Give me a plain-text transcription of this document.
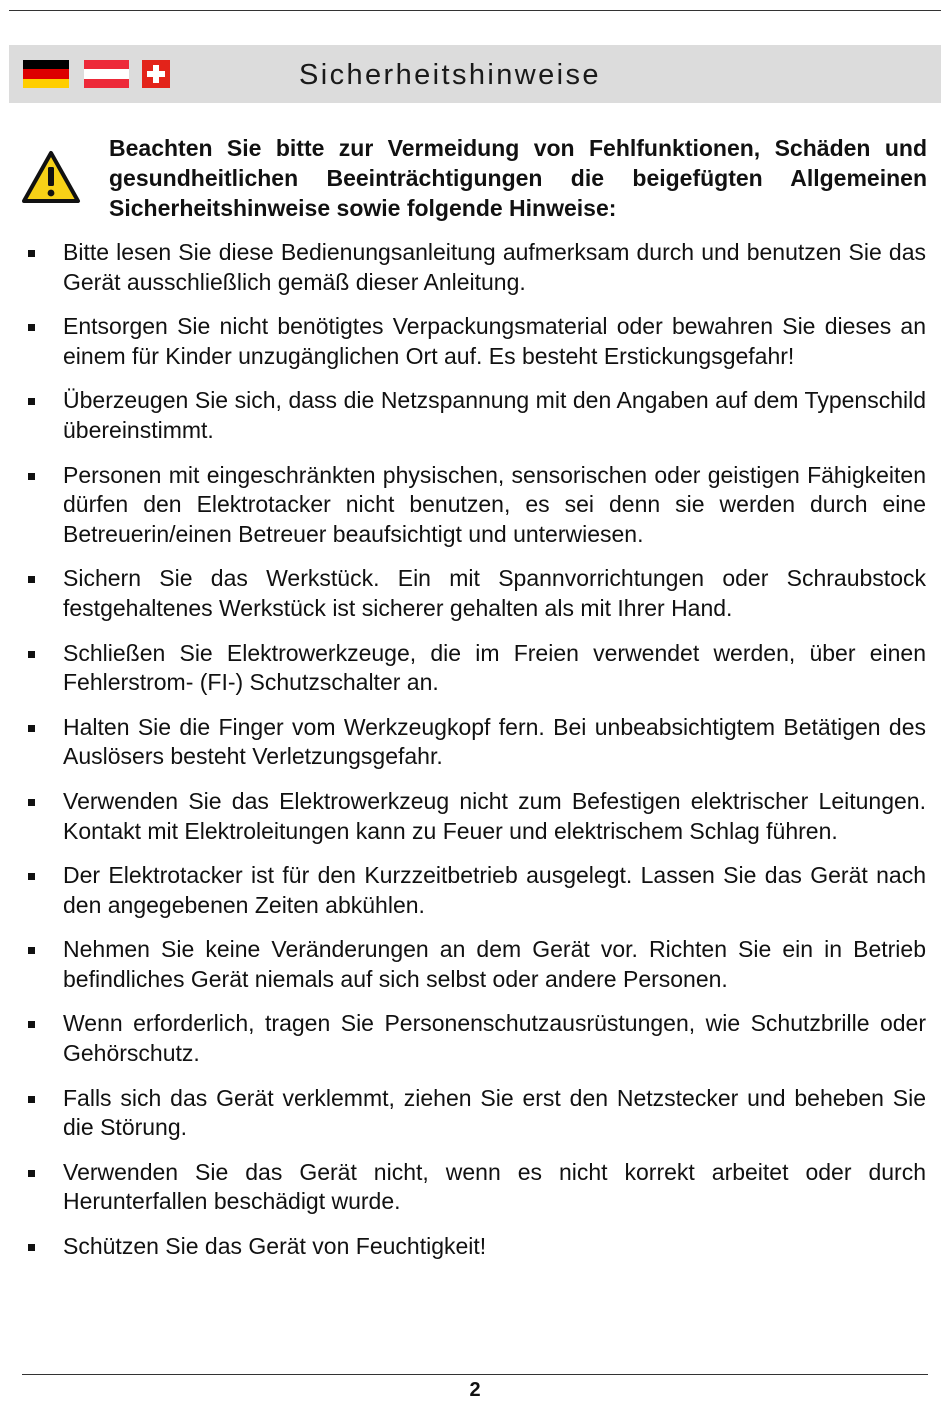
Sicherheitshinweise
Beachten Sie bitte zur Vermeidung von Fehlfunktionen, Schäden und gesundheitlichen Beeinträchtigungen die beigefügten Allgemeinen Sicherheitshinweise sowie folgende Hinweise:
Bitte lesen Sie diese Bedienungsanleitung aufmerksam durch und benutzen Sie das Gerät ausschließlich gemäß dieser Anleitung.
Entsorgen Sie nicht benötigtes Verpackungsmaterial oder bewahren Sie dieses an einem für Kinder unzugänglichen Ort auf. Es besteht Erstickungsgefahr!
Überzeugen Sie sich, dass die Netzspannung mit den Angaben auf dem Typenschild übereinstimmt.
Personen mit eingeschränkten physischen, sensorischen oder geistigen Fähigkeiten dürfen den Elektrotacker nicht benutzen, es sei denn sie werden durch eine Betreuerin/einen Betreuer beaufsichtigt und unterwiesen.
Sichern Sie das Werkstück. Ein mit Spannvorrichtungen oder Schraubstock festgehaltenes Werkstück ist sicherer gehalten als mit Ihrer Hand.
Schließen Sie Elektrowerkzeuge, die im Freien verwendet werden, über einen Fehlerstrom- (FI-) Schutzschalter an.
Halten Sie die Finger vom Werkzeugkopf fern. Bei unbeabsichtigtem Betätigen des Auslösers besteht Verletzungsgefahr.
Verwenden Sie das Elektrowerkzeug nicht zum Befestigen elektrischer Leitungen. Kontakt mit Elektroleitungen kann zu Feuer und elektrischem Schlag führen.
Der Elektrotacker ist für den Kurzzeitbetrieb ausgelegt. Lassen Sie das Gerät nach den angegebenen Zeiten abkühlen.
Nehmen Sie keine Veränderungen an dem Gerät vor. Richten Sie ein in Betrieb befindliches Gerät niemals auf sich selbst oder andere Personen.
Wenn erforderlich, tragen Sie Personenschutzausrüstungen, wie Schutzbrille oder Gehörschutz.
Falls sich das Gerät verklemmt, ziehen Sie erst den Netzstecker und beheben Sie die Störung.
Verwenden Sie das Gerät nicht, wenn es nicht korrekt arbeitet oder durch Herunterfallen beschädigt wurde.
Schützen Sie das Gerät von Feuchtigkeit!
2
